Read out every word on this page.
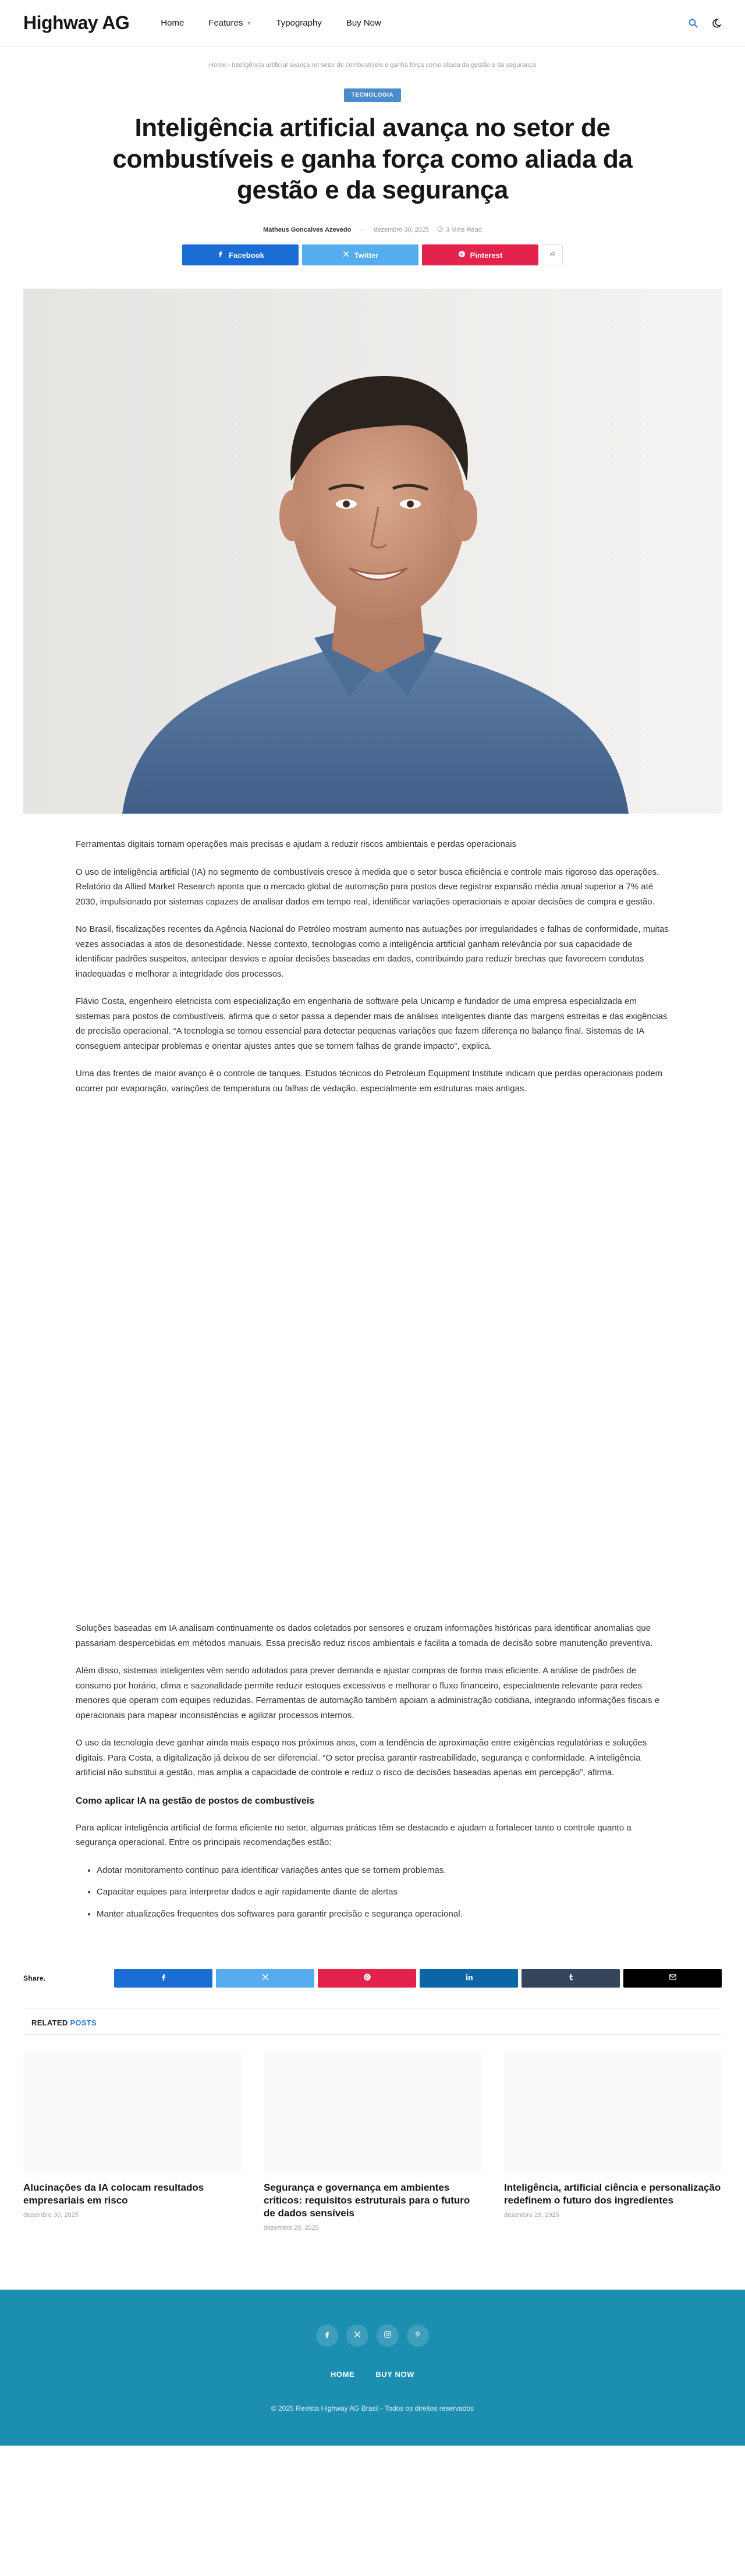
Highway AG	Home	Features ▼	Typography	Buy Now
Home › Inteligência artificial avança no setor de combustíveis e ganha força como aliada da gestão e da segurança
TECNOLOGIA
Inteligência artificial avança no setor de combustíveis e ganha força como aliada da gestão e da segurança
Matheus Goncalves Azevedo — dezembro 30, 2025	3 Mins Read
Facebook	Twitter	Pinterest

Ferramentas digitais tornam operações mais precisas e ajudam a reduzir riscos ambientais e perdas operacionais

O uso de inteligência artificial (IA) no segmento de combustíveis cresce à medida que o setor busca eficiência e controle mais rigoroso das operações. Relatório da Allied Market Research aponta que o mercado global de automação para postos deve registrar expansão média anual superior a 7% até 2030, impulsionado por sistemas capazes de analisar dados em tempo real, identificar variações operacionais e apoiar decisões de compra e gestão.

No Brasil, fiscalizações recentes da Agência Nacional do Petróleo mostram aumento nas autuações por irregularidades e falhas de conformidade, muitas vezes associadas a atos de desonestidade. Nesse contexto, tecnologias como a inteligência artificial ganham relevância por sua capacidade de identificar padrões suspeitos, antecipar desvios e apoiar decisões baseadas em dados, contribuindo para reduzir brechas que favorecem condutas inadequadas e melhorar a integridade dos processos.

Flávio Costa, engenheiro eletricista com especialização em engenharia de software pela Unicamp e fundador de uma empresa especializada em sistemas para postos de combustíveis, afirma que o setor passa a depender mais de análises inteligentes diante das margens estreitas e das exigências de precisão operacional. “A tecnologia se tornou essencial para detectar pequenas variações que fazem diferença no balanço final. Sistemas de IA conseguem antecipar problemas e orientar ajustes antes que se tornem falhas de grande impacto”, explica.

Uma das frentes de maior avanço é o controle de tanques. Estudos técnicos do Petroleum Equipment Institute indicam que perdas operacionais podem ocorrer por evaporação, variações de temperatura ou falhas de vedação, especialmente em estruturas mais antigas.

Soluções baseadas em IA analisam continuamente os dados coletados por sensores e cruzam informações históricas para identificar anomalias que passariam despercebidas em métodos manuais. Essa precisão reduz riscos ambientais e facilita a tomada de decisão sobre manutenção preventiva.

Além disso, sistemas inteligentes vêm sendo adotados para prever demanda e ajustar compras de forma mais eficiente. A análise de padrões de consumo por horário, clima e sazonalidade permite reduzir estoques excessivos e melhorar o fluxo financeiro, especialmente relevante para redes menores que operam com equipes reduzidas. Ferramentas de automação também apoiam a administração cotidiana, integrando informações fiscais e operacionais para mapear inconsistências e agilizar processos internos.

O uso da tecnologia deve ganhar ainda mais espaço nos próximos anos, com a tendência de aproximação entre exigências regulatórias e soluções digitais. Para Costa, a digitalização já deixou de ser diferencial. “O setor precisa garantir rastreabilidade, segurança e conformidade. A inteligência artificial não substitui a gestão, mas amplia a capacidade de controle e reduz o risco de decisões baseadas apenas em percepção”, afirma.

Como aplicar IA na gestão de postos de combustíveis

Para aplicar inteligência artificial de forma eficiente no setor, algumas práticas têm se destacado e ajudam a fortalecer tanto o controle quanto a segurança operacional. Entre os principais recomendações estão:

• Adotar monitoramento contínuo para identificar variações antes que se tornem problemas.
• Capacitar equipes para interpretar dados e agir rapidamente diante de alertas
• Manter atualizações frequentes dos softwares para garantir precisão e segurança operacional.
Share.
RELATED POSTS
Alucinações da IA colocam resultados empresariais em risco
dezembro 30, 2025
Segurança e governança em ambientes críticos: requisitos estruturais para o futuro de dados sensíveis
dezembro 29, 2025
Inteligência, artificial ciência e personalização redefinem o futuro dos ingredientes
dezembro 29, 2025
HOME	BUY NOW
© 2025 Revista Highway AG Brasil - Todos os direitos reservados
